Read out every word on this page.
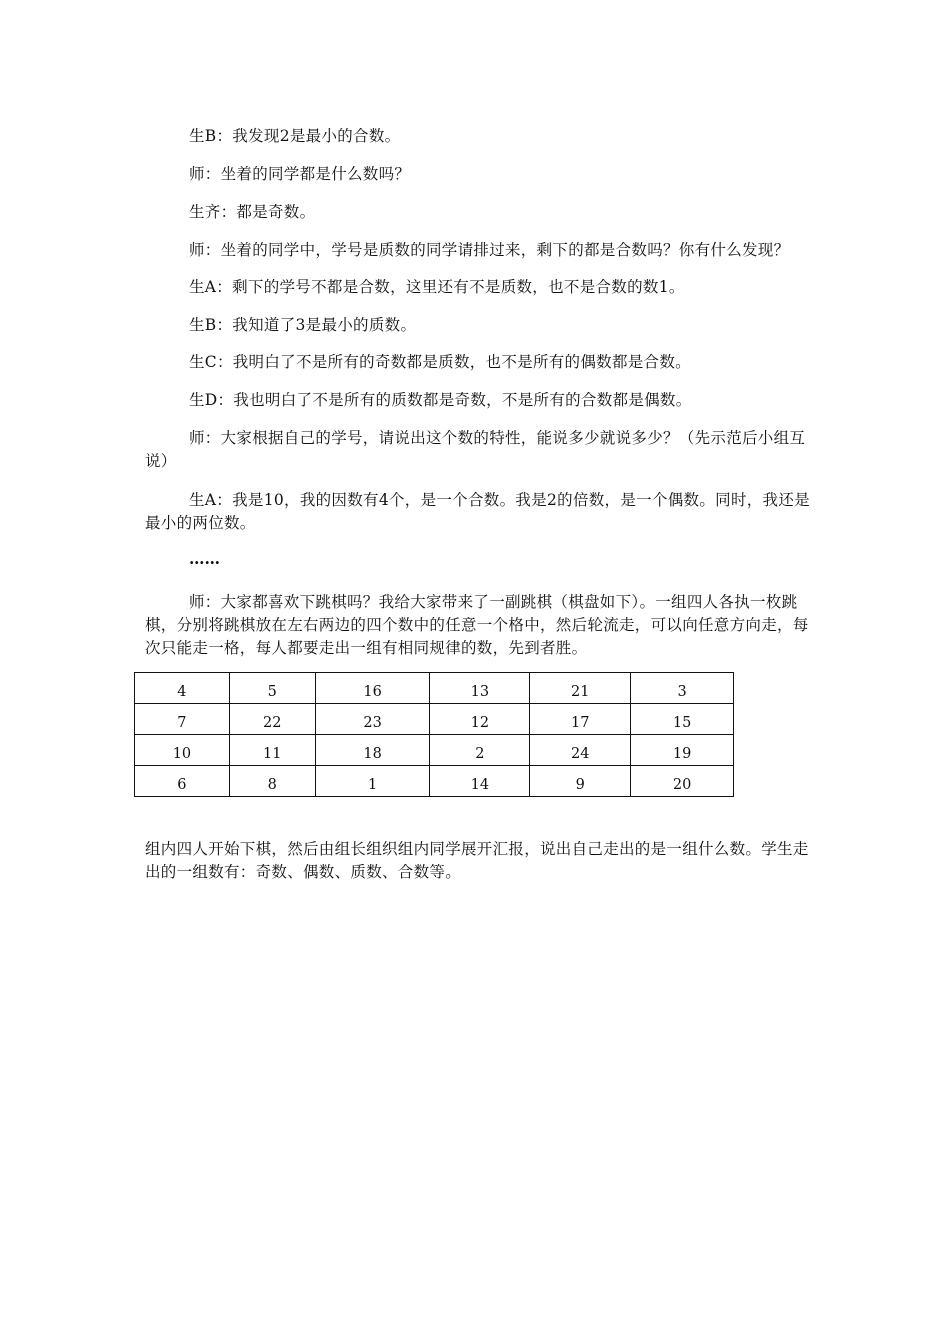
生B：我发现2是最小的合数。

师：坐着的同学都是什么数吗？

生齐：都是奇数。

师：坐着的同学中，学号是质数的同学请排过来，剩下的都是合数吗？你有什么发现？

生A：剩下的学号不都是合数，这里还有不是质数，也不是合数的数1。

生B：我知道了3是最小的质数。

生C：我明白了不是所有的奇数都是质数，也不是所有的偶数都是合数。

生D：我也明白了不是所有的质数都是奇数，不是所有的合数都是偶数。

师：大家根据自己的学号，请说出这个数的特性，能说多少就说多少？（先示范后小组互说）

生A：我是10，我的因数有4个，是一个合数。我是2的倍数，是一个偶数。同时，我还是最小的两位数。

……

师：大家都喜欢下跳棋吗？我给大家带来了一副跳棋（棋盘如下）。一组四人各执一枚跳棋，分别将跳棋放在左右两边的四个数中的任意一个格中，然后轮流走，可以向任意方向走，每次只能走一格，每人都要走出一组有相同规律的数，先到者胜。

4	5	16	13	21	3
7	22	23	12	17	15
10	11	18	2	24	19
6	8	1	14	9	20

组内四人开始下棋，然后由组长组织组内同学展开汇报，说出自己走出的是一组什么数。学生走出的一组数有：奇数、偶数、质数、合数等。
